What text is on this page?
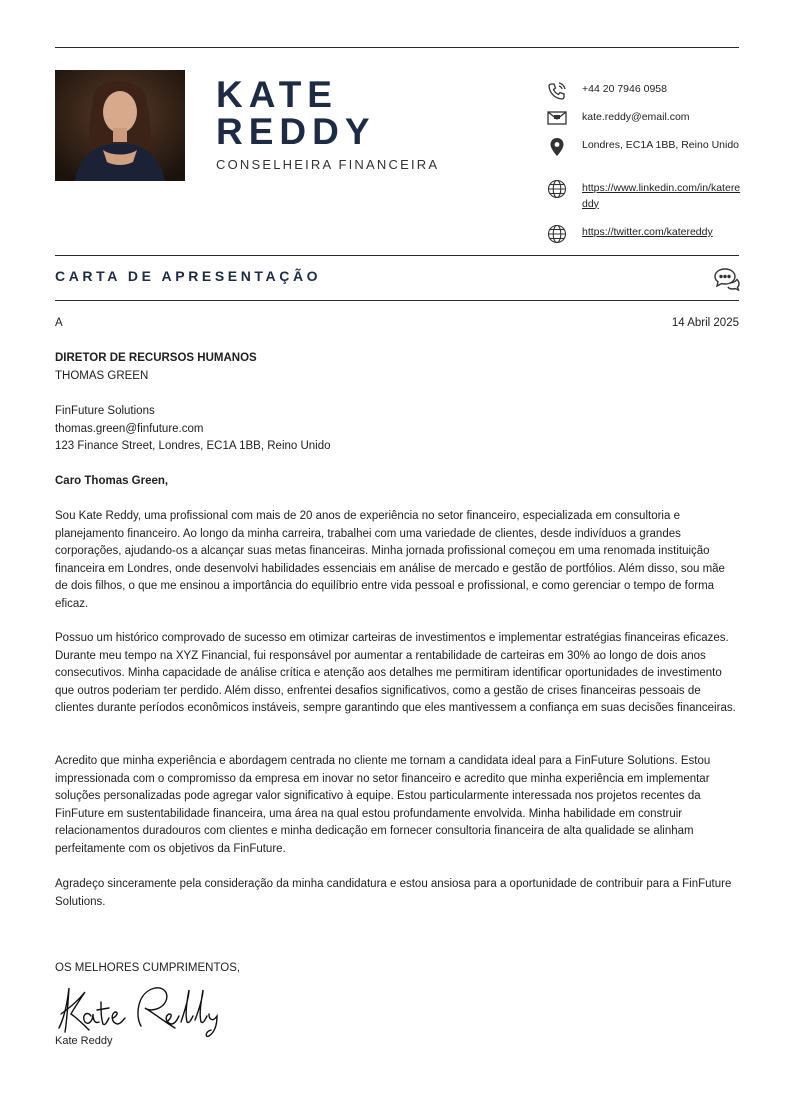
KATE
REDDY
CONSELHEIRA FINANCEIRA
+44 20 7946 0958
kate.reddy@email.com
Londres, EC1A 1BB, Reino Unido
https://www.linkedin.com/in/katereddy
https://twitter.com/katereddy
CARTA DE APRESENTAÇÃO
A	14 Abril 2025
DIRETOR DE RECURSOS HUMANOS
THOMAS GREEN
FinFuture Solutions
thomas.green@finfuture.com
123 Finance Street, Londres, EC1A 1BB, Reino Unido
Caro Thomas Green,
Sou Kate Reddy, uma profissional com mais de 20 anos de experiência no setor financeiro, especializada em consultoria e planejamento financeiro. Ao longo da minha carreira, trabalhei com uma variedade de clientes, desde indivíduos a grandes corporações, ajudando-os a alcançar suas metas financeiras. Minha jornada profissional começou em uma renomada instituição financeira em Londres, onde desenvolvi habilidades essenciais em análise de mercado e gestão de portfólios. Além disso, sou mãe de dois filhos, o que me ensinou a importância do equilíbrio entre vida pessoal e profissional, e como gerenciar o tempo de forma eficaz.
Possuo um histórico comprovado de sucesso em otimizar carteiras de investimentos e implementar estratégias financeiras eficazes. Durante meu tempo na XYZ Financial, fui responsável por aumentar a rentabilidade de carteiras em 30% ao longo de dois anos consecutivos. Minha capacidade de análise crítica e atenção aos detalhes me permitiram identificar oportunidades de investimento que outros poderiam ter perdido. Além disso, enfrentei desafios significativos, como a gestão de crises financeiras pessoais de clientes durante períodos econômicos instáveis, sempre garantindo que eles mantivessem a confiança em suas decisões financeiras.
Acredito que minha experiência e abordagem centrada no cliente me tornam a candidata ideal para a FinFuture Solutions. Estou impressionada com o compromisso da empresa em inovar no setor financeiro e acredito que minha experiência em implementar soluções personalizadas pode agregar valor significativo à equipe. Estou particularmente interessada nos projetos recentes da FinFuture em sustentabilidade financeira, uma área na qual estou profundamente envolvida. Minha habilidade em construir relacionamentos duradouros com clientes e minha dedicação em fornecer consultoria financeira de alta qualidade se alinham perfeitamente com os objetivos da FinFuture.
Agradeço sinceramente pela consideração da minha candidatura e estou ansiosa para a oportunidade de contribuir para a FinFuture Solutions.
OS MELHORES CUMPRIMENTOS,
Kate Reddy
